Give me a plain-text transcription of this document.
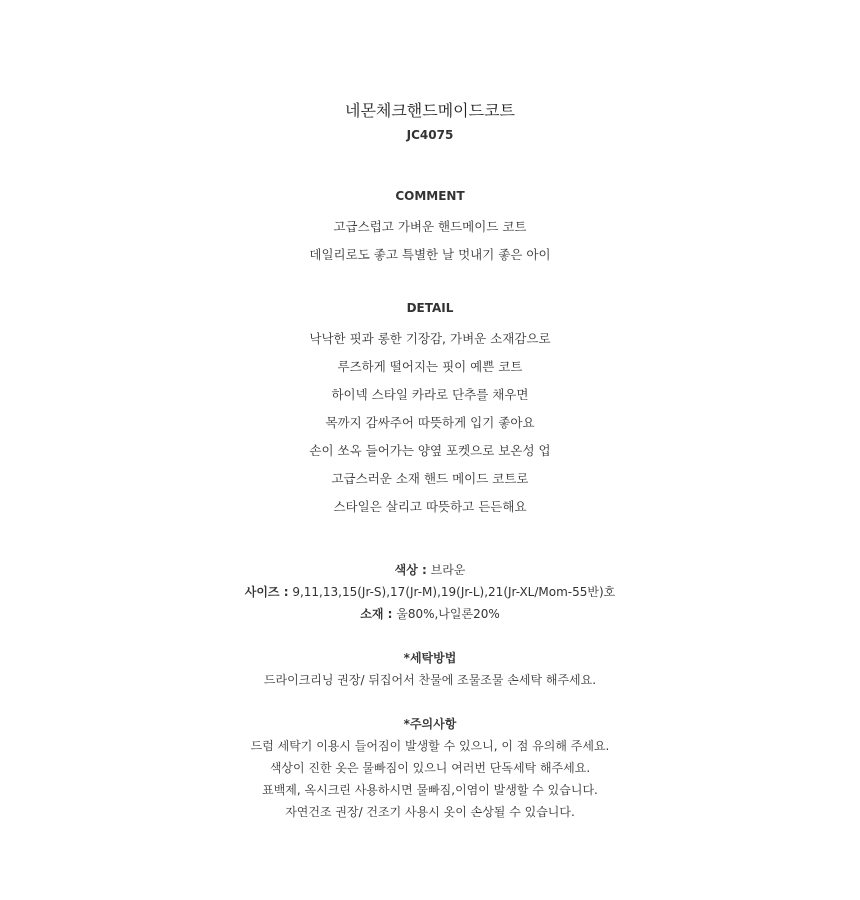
네몬체크핸드메이드코트
JC4075
COMMENT
고급스럽고 가벼운 핸드메이드 코트
데일리로도 좋고 특별한 날 멋내기 좋은 아이
DETAIL
낙낙한 핏과 롱한 기장감, 가벼운 소재감으로
루즈하게 떨어지는 핏이 예쁜 코트
하이넥 스타일 카라로 단추를 채우면
목까지 감싸주어 따뜻하게 입기 좋아요
손이 쏘옥 들어가는 양옆 포켓으로 보온성 업
고급스러운 소재 핸드 메이드 코트로
스타일은 살리고 따뜻하고 든든해요
색상 : 브라운
사이즈 : 9,11,13,15(Jr-S),17(Jr-M),19(Jr-L),21(Jr-XL/Mom-55반)호
소재 : 울80%,나일론20%
*세탁방법
드라이크리닝 권장/ 뒤집어서 찬물에 조물조물 손세탁 해주세요.
*주의사항
드럼 세탁기 이용시 들어짐이 발생할 수 있으니, 이 점 유의해 주세요.
색상이 진한 옷은 물빠짐이 있으니 여러번 단독세탁 해주세요.
표백제, 옥시크린 사용하시면 물빠짐,이염이 발생할 수 있습니다.
자연건조 권장/ 건조기 사용시 옷이 손상될 수 있습니다.
